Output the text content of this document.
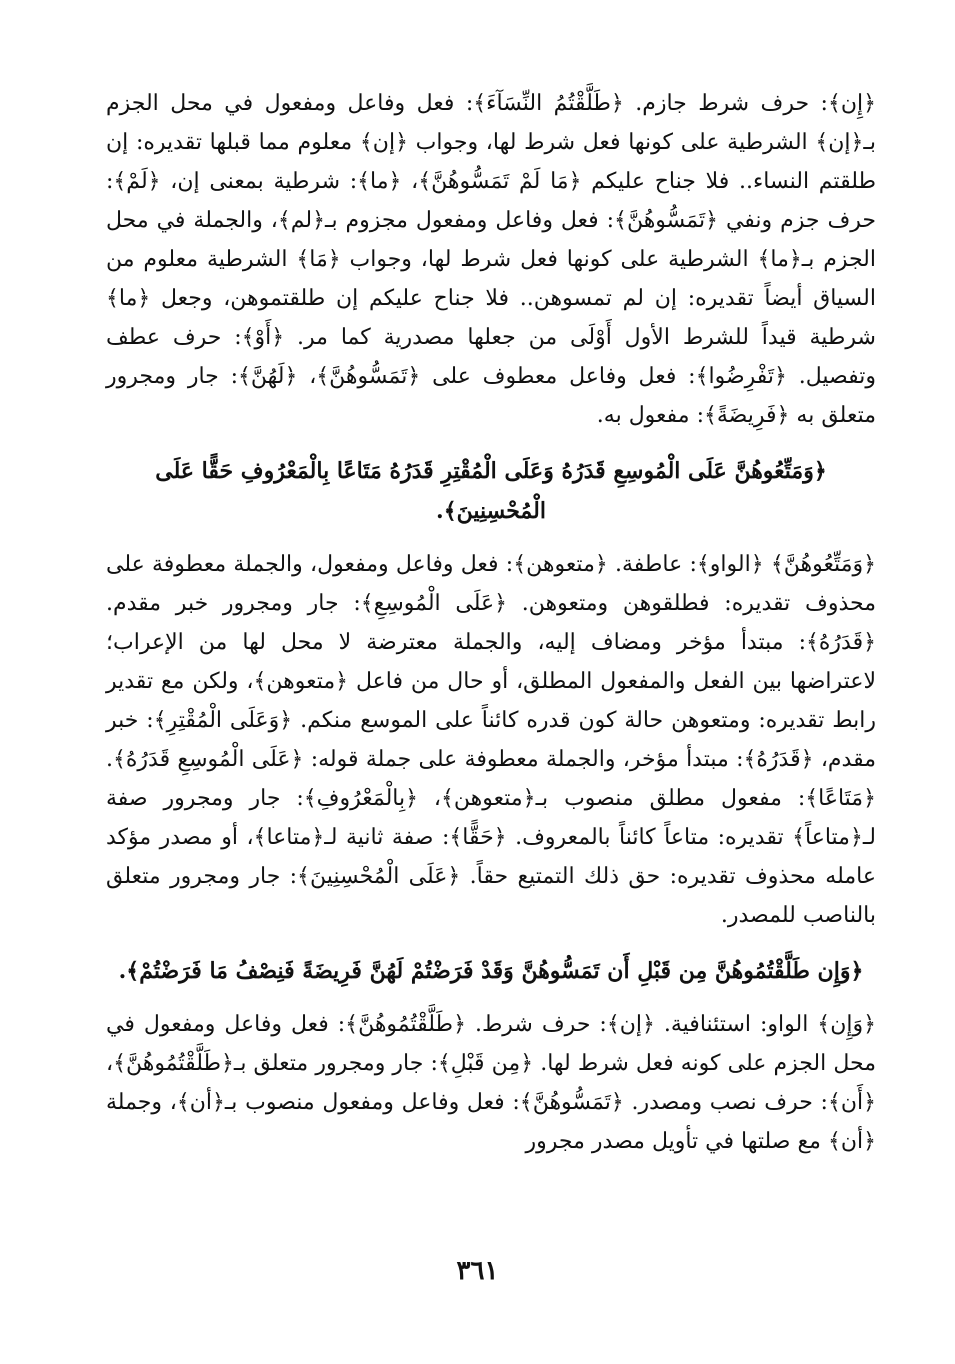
﴿إِن﴾: حرف شرط جازم. ﴿طَلَّقْتُمُ النِّسَآءَ﴾: فعل وفاعل ومفعول في محل الجزم بـ﴿إن﴾ الشرطية على كونها فعل شرط لها، وجواب ﴿إن﴾ معلوم مما قبلها تقديره: إن طلقتم النساء.. فلا جناح عليكم ﴿مَا لَمْ تَمَسُّوهُنَّ﴾، ﴿ما﴾: شرطية بمعنى إن، ﴿لَمْ﴾: حرف جزم ونفي ﴿تَمَسُّوهُنَّ﴾: فعل وفاعل ومفعول مجزوم بـ﴿لم﴾، والجملة في محل الجزم بـ﴿ما﴾ الشرطية على كونها فعل شرط لها، وجواب ﴿مَا﴾ الشرطية معلوم من السياق أيضاً تقديره: إن لم تمسوهن.. فلا جناح عليكم إن طلقتموهن، وجعل ﴿ما﴾ شرطية قيداً للشرط الأول أَوْلَى من جعلها مصدرية كما مر. ﴿أَوْ﴾: حرف عطف وتفصيل. ﴿تَفْرِضُوا﴾: فعل وفاعل معطوف على ﴿تَمَسُّوهُنَّ﴾، ﴿لَهُنَّ﴾: جار ومجرور متعلق به ﴿فَرِيضَةً﴾: مفعول به.

﴿وَمَتِّعُوهُنَّ عَلَى الْمُوسِعِ قَدَرُهُ وَعَلَى الْمُقْتِرِ قَدَرُهُ مَتَاعًا بِالْمَعْرُوفِ حَقًّا عَلَى الْمُحْسِنِينَ﴾.

﴿وَمَتِّعُوهُنَّ﴾ ﴿الواو﴾: عاطفة. ﴿متعوهن﴾: فعل وفاعل ومفعول، والجملة معطوفة على محذوف تقديره: فطلقوهن ومتعوهن. ﴿عَلَى الْمُوسِعِ﴾: جار ومجرور خبر مقدم. ﴿قَدَرُهُ﴾: مبتدأ مؤخر ومضاف إليه، والجملة معترضة لا محل لها من الإعراب؛ لاعتراضها بين الفعل والمفعول المطلق، أو حال من فاعل ﴿متعوهن﴾، ولكن مع تقدير رابط تقديره: ومتعوهن حالة كون قدره كائناً على الموسع منكم. ﴿وَعَلَى الْمُقْتِرِ﴾: خبر مقدم، ﴿قَدَرُهُ﴾: مبتدأ مؤخر، والجملة معطوفة على جملة قوله: ﴿عَلَى الْمُوسِعِ قَدَرُهُ﴾. ﴿مَتَاعًا﴾: مفعول مطلق منصوب بـ﴿متعوهن﴾، ﴿بِالْمَعْرُوفِ﴾: جار ومجرور صفة لـ﴿متاعاً﴾ تقديره: متاعاً كائناً بالمعروف. ﴿حَقًّا﴾: صفة ثانية لـ﴿متاعا﴾، أو مصدر مؤكد عامله محذوف تقديره: حق ذلك التمتيع حقاً. ﴿عَلَى الْمُحْسِنِينَ﴾: جار ومجرور متعلق بالناصب للمصدر.

﴿وَإِن طَلَّقْتُمُوهُنَّ مِن قَبْلِ أَن تَمَسُّوهُنَّ وَقَدْ فَرَضْتُمْ لَهُنَّ فَرِيضَةً فَنِصْفُ مَا فَرَضْتُمْ﴾.

﴿وَإِن﴾ الواو: استئنافية. ﴿إن﴾: حرف شرط. ﴿طَلَّقْتُمُوهُنَّ﴾: فعل وفاعل ومفعول في محل الجزم على كونه فعل شرط لها. ﴿مِن قَبْلِ﴾: جار ومجرور متعلق بـ﴿طَلَّقْتُمُوهُنَّ﴾، ﴿أَن﴾: حرف نصب ومصدر. ﴿تَمَسُّوهُنَّ﴾: فعل وفاعل ومفعول منصوب بـ﴿أن﴾، وجملة ﴿أن﴾ مع صلتها في تأويل مصدر مجرور

٣٦١
